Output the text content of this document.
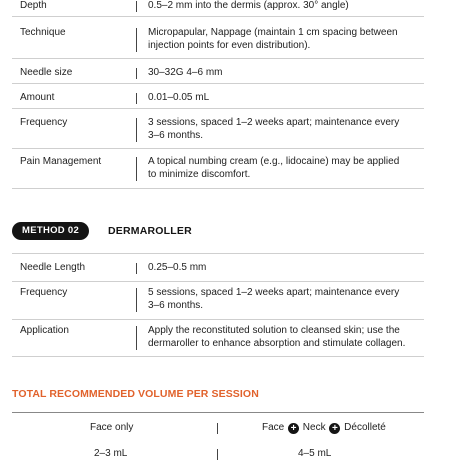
Depth	0.5–2 mm into the dermis (approx. 30° angle)
Technique	Micropapular, Nappage (maintain 1 cm spacing between
injection points for even distribution).
Needle size	30–32G 4–6 mm
Amount	0.01–0.05 mL
Frequency	3 sessions, spaced 1–2 weeks apart; maintenance every
3–6 months.
Pain Management	A topical numbing cream (e.g., lidocaine) may be applied
to minimize discomfort.
METHOD 02	DERMAROLLER
Needle Length	0.25–0.5 mm
Frequency	5 sessions, spaced 1–2 weeks apart; maintenance every
3–6 months.
Application	Apply the reconstituted solution to cleansed skin; use the
dermaroller to enhance absorption and stimulate collagen.
TOTAL RECOMMENDED VOLUME PER SESSION
Face only	Face + Neck + Décolleté
2–3 mL	4–5 mL
